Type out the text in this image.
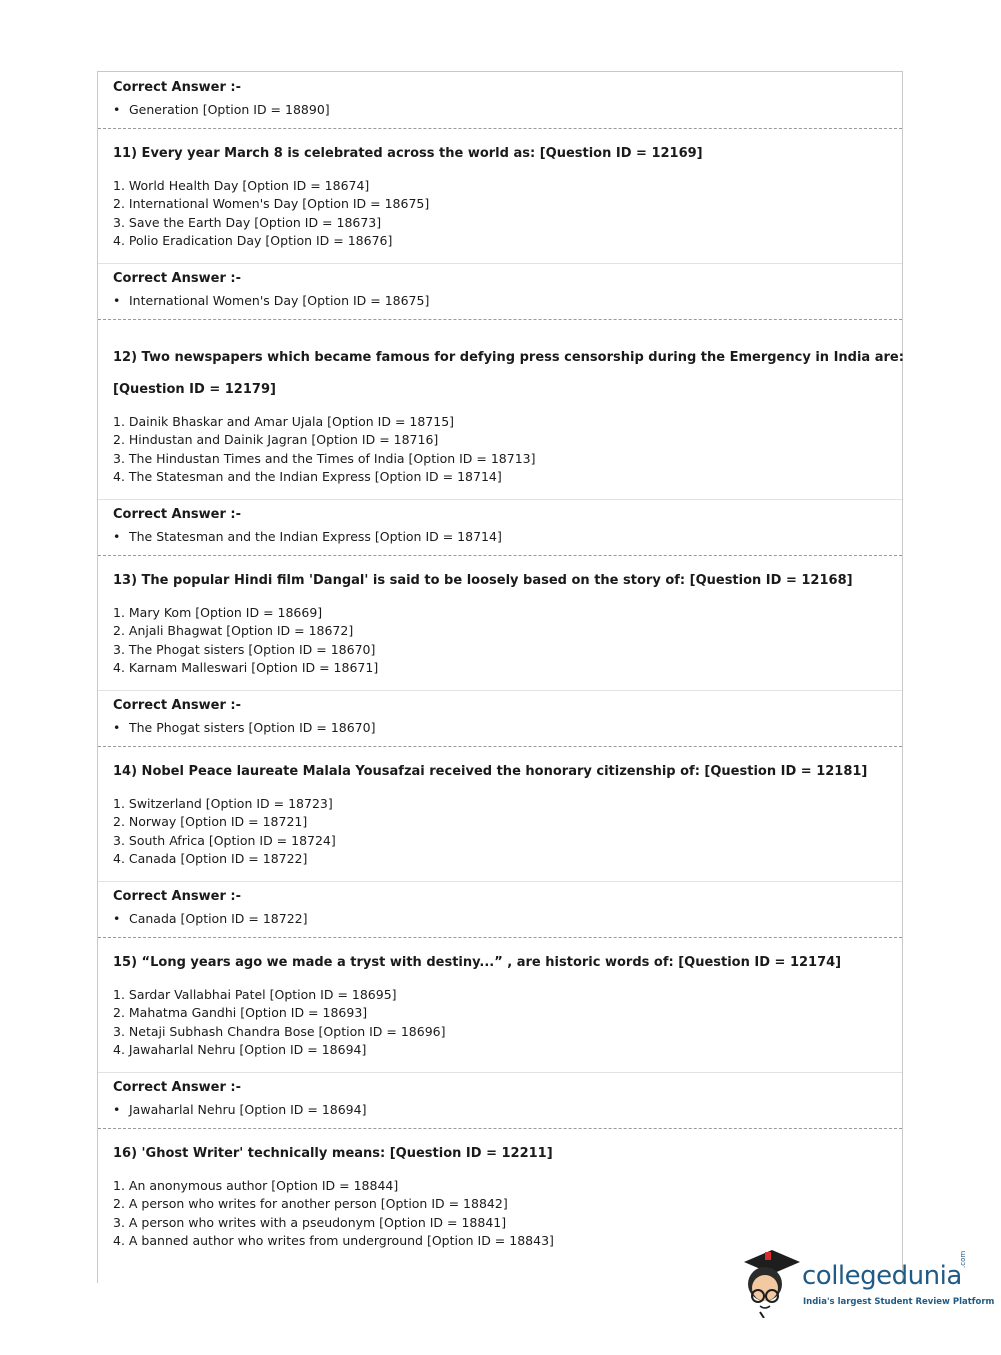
Correct Answer :-
• Generation [Option ID = 18890]
11) Every year March 8 is celebrated across the world as: [Question ID = 12169]
1. World Health Day [Option ID = 18674]
2. International Women's Day [Option ID = 18675]
3. Save the Earth Day [Option ID = 18673]
4. Polio Eradication Day [Option ID = 18676]
Correct Answer :-
• International Women's Day [Option ID = 18675]
12) Two newspapers which became famous for defying press censorship during the Emergency in India are:
[Question ID = 12179]
1. Dainik Bhaskar and Amar Ujala [Option ID = 18715]
2. Hindustan and Dainik Jagran [Option ID = 18716]
3. The Hindustan Times and the Times of India [Option ID = 18713]
4. The Statesman and the Indian Express [Option ID = 18714]
Correct Answer :-
• The Statesman and the Indian Express [Option ID = 18714]
13) The popular Hindi film 'Dangal' is said to be loosely based on the story of: [Question ID = 12168]
1. Mary Kom [Option ID = 18669]
2. Anjali Bhagwat [Option ID = 18672]
3. The Phogat sisters [Option ID = 18670]
4. Karnam Malleswari [Option ID = 18671]
Correct Answer :-
• The Phogat sisters [Option ID = 18670]
14) Nobel Peace laureate Malala Yousafzai received the honorary citizenship of: [Question ID = 12181]
1. Switzerland [Option ID = 18723]
2. Norway [Option ID = 18721]
3. South Africa [Option ID = 18724]
4. Canada [Option ID = 18722]
Correct Answer :-
• Canada [Option ID = 18722]
15) “Long years ago we made a tryst with destiny...” , are historic words of: [Question ID = 12174]
1. Sardar Vallabhai Patel [Option ID = 18695]
2. Mahatma Gandhi [Option ID = 18693]
3. Netaji Subhash Chandra Bose [Option ID = 18696]
4. Jawaharlal Nehru [Option ID = 18694]
Correct Answer :-
• Jawaharlal Nehru [Option ID = 18694]
16) 'Ghost Writer' technically means: [Question ID = 12211]
1. An anonymous author [Option ID = 18844]
2. A person who writes for another person [Option ID = 18842]
3. A person who writes with a pseudonym [Option ID = 18841]
4. A banned author who writes from underground [Option ID = 18843]
collegedunia
.com
India's largest Student Review Platform
